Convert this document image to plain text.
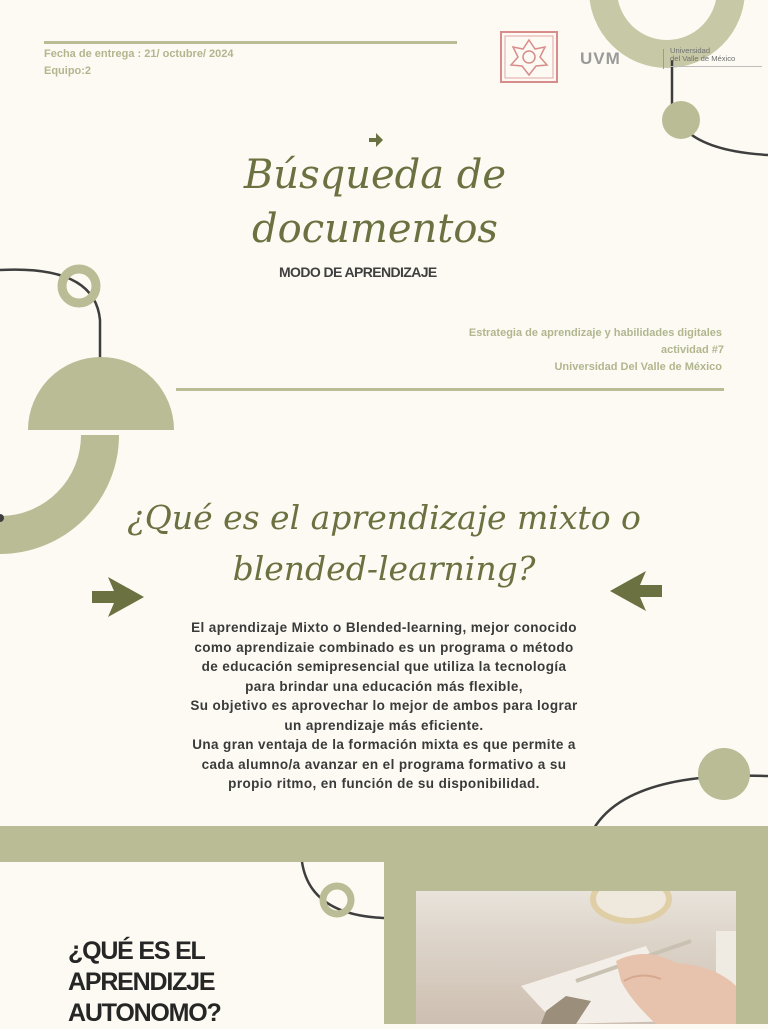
Fecha de entrega : 21/ octubre/ 2024
Equipo:2
UVM	Universidad
del Valle de México
Búsqueda de
documentos
MODO DE APRENDIZAJE
Estrategia de aprendizaje y habilidades digitales
actividad #7
Universidad Del Valle de México
¿Qué es el aprendizaje mixto o
blended-learning?
El aprendizaje Mixto o Blended-learning, mejor conocido
como aprendizaie combinado es un programa o método
de educación semipresencial que utiliza la tecnología
para brindar una educación más flexible,
Su objetivo es aprovechar lo mejor de ambos para lograr
un aprendizaje más eficiente.
Una gran ventaja de la formación mixta es que permite a
cada alumno/a avanzar en el programa formativo a su
propio ritmo, en función de su disponibilidad.
¿QUÉ ES EL
APRENDIZJE
AUTONOMO?
